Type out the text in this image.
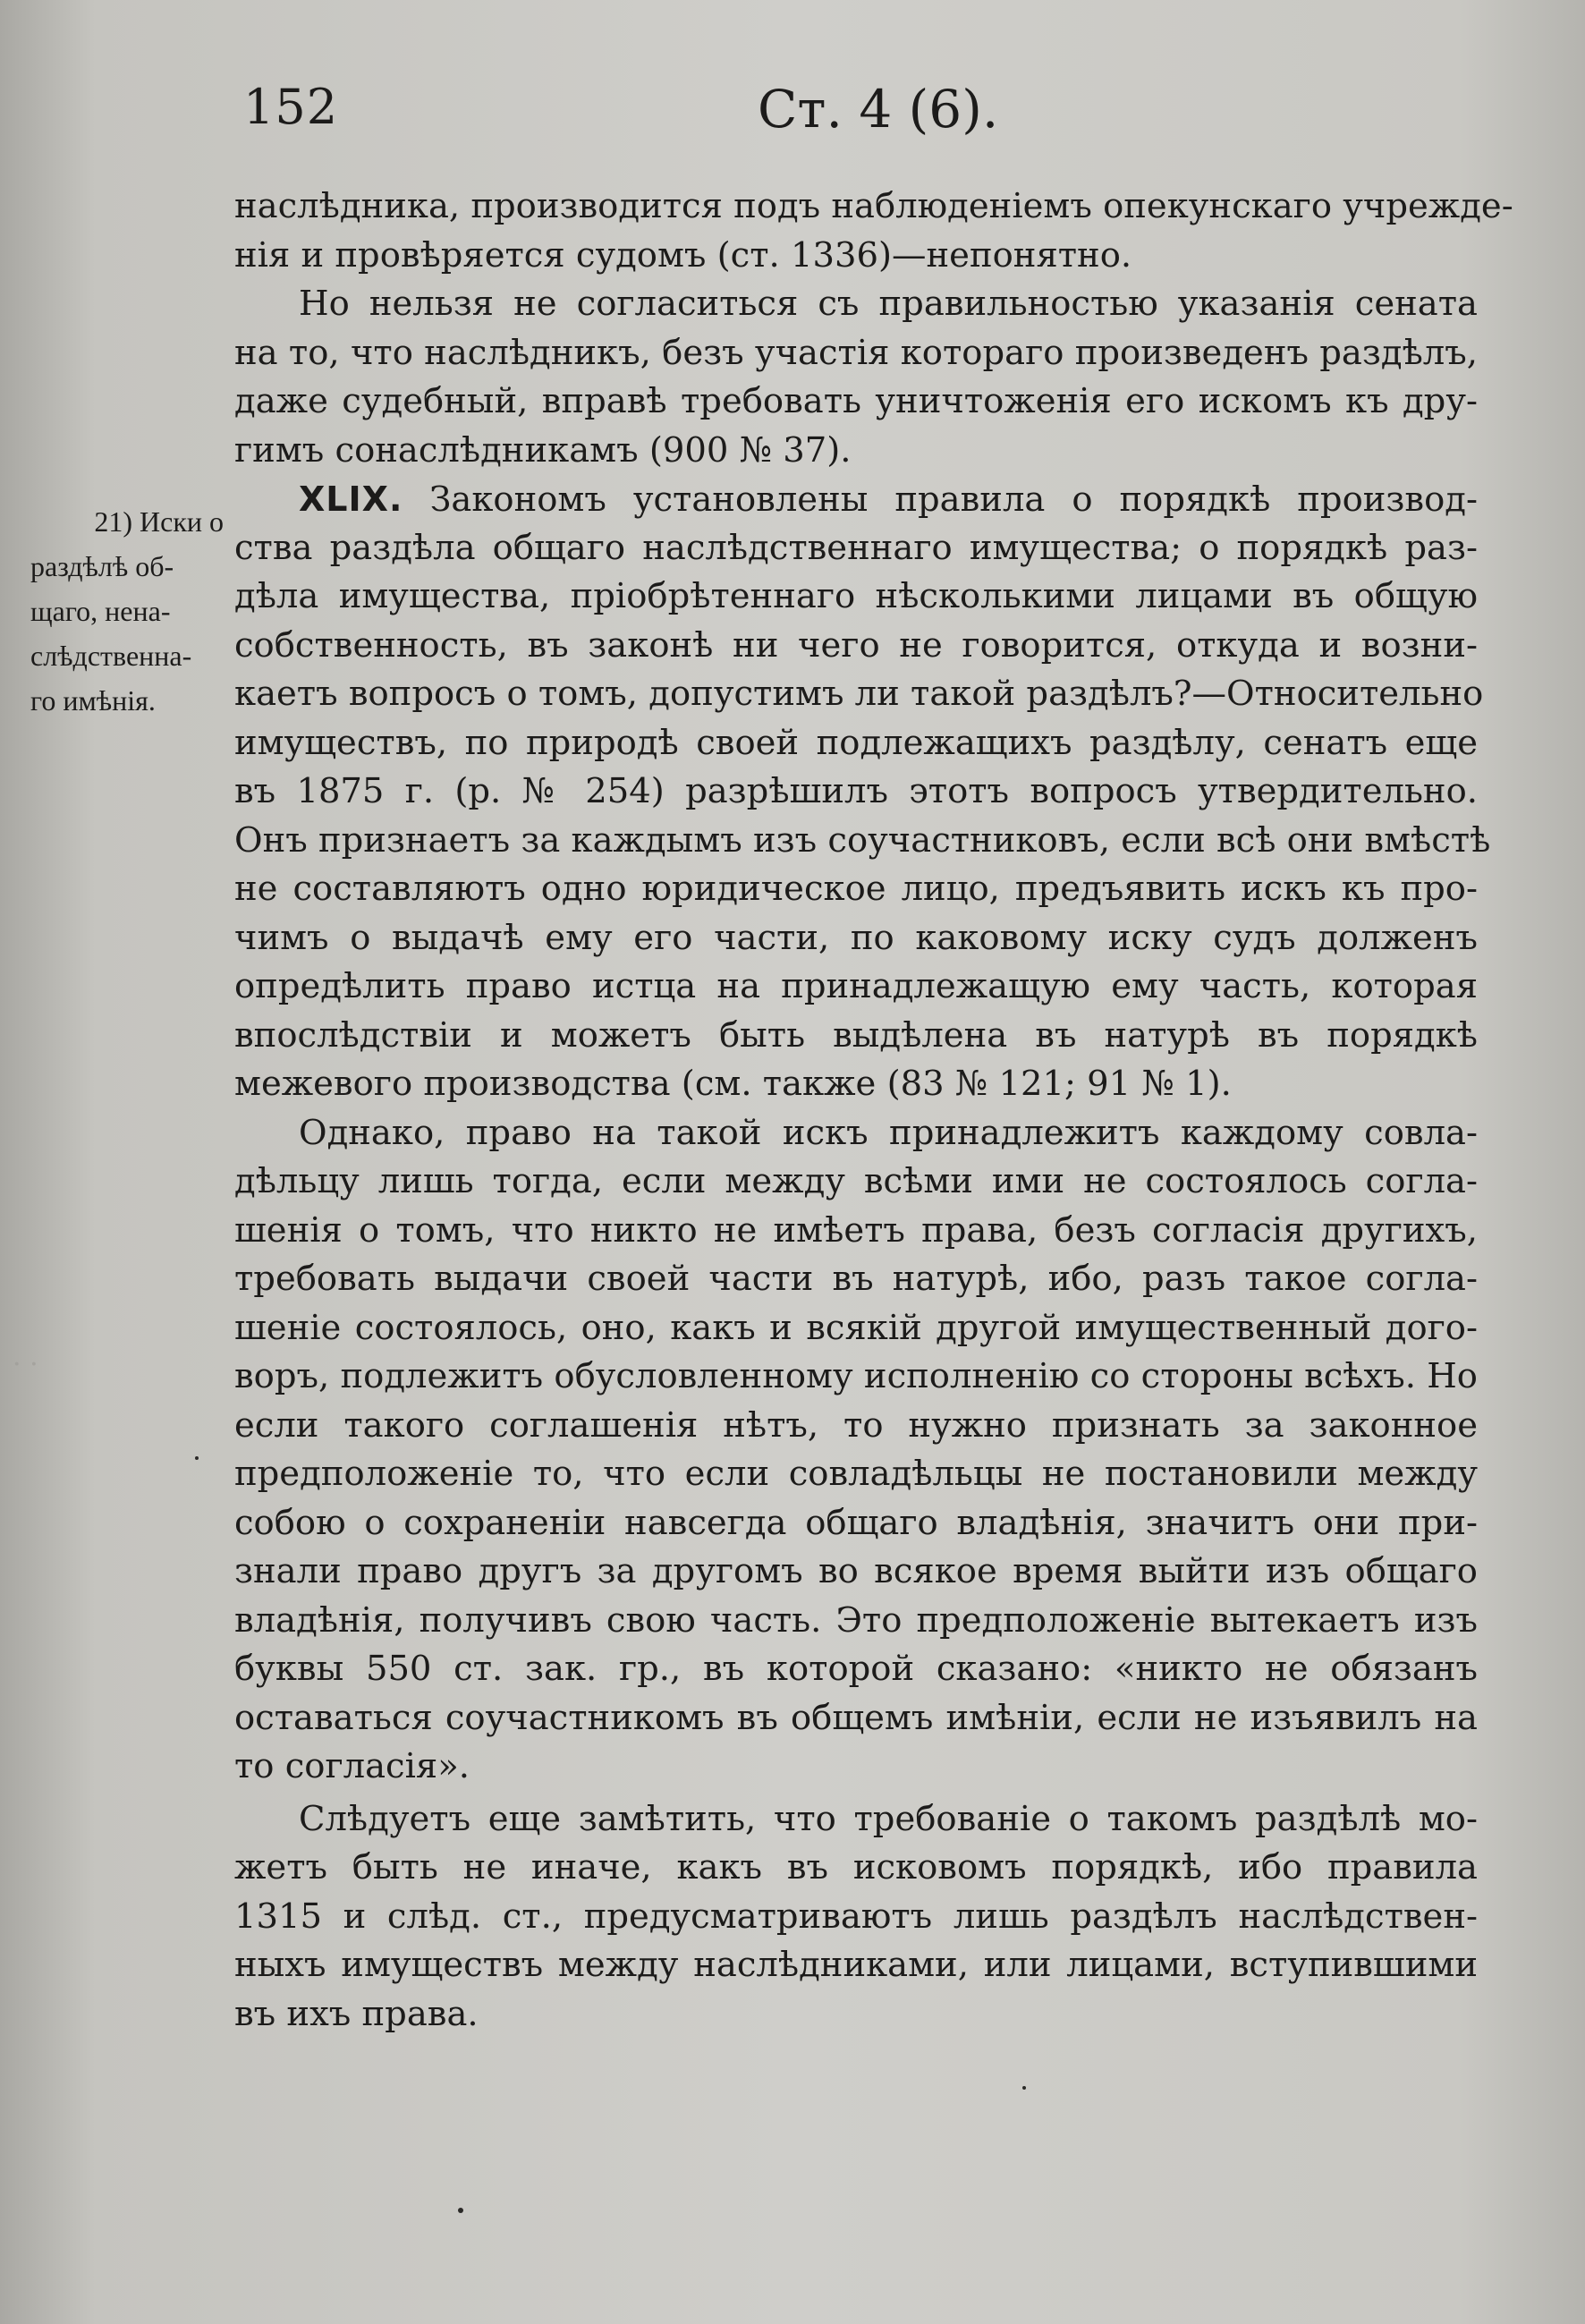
152	Ст. 4 (6).
21) Иски о
раздѣлѣ об-
щаго, нена-
слѣдственна-
го имѣнія.
наслѣдника, производится подъ наблюденіемъ опекунскаго учрежде-
нія и провѣряется судомъ (ст. 1336)—непонятно.
Но нельзя не согласиться съ правильностью указанія сената
на то, что наслѣдникъ, безъ участія котораго произведенъ раздѣлъ,
даже судебный, вправѣ требовать уничтоженія его искомъ къ дру-
гимъ сонаслѣдникамъ (900 № 37).
XLIX. Закономъ установлены правила о порядкѣ производ-
ства раздѣла общаго наслѣдственнаго имущества; о порядкѣ раз-
дѣла имущества, пріобрѣтеннаго нѣсколькими лицами въ общую
собственность, въ законѣ ни чего не говорится, откуда и возни-
каетъ вопросъ о томъ, допустимъ ли такой раздѣлъ?—Относительно
имуществъ, по природѣ своей подлежащихъ раздѣлу, сенатъ еще
въ 1875 г. (р. № 254) разрѣшилъ этотъ вопросъ утвердительно.
Онъ признаетъ за каждымъ изъ соучастниковъ, если всѣ они вмѣстѣ
не составляютъ одно юридическое лицо, предъявить искъ къ про-
чимъ о выдачѣ ему его части, по каковому иску судъ долженъ
опредѣлить право истца на принадлежащую ему часть, которая
впослѣдствіи и можетъ быть выдѣлена въ натурѣ въ порядкѣ
межевого производства (см. также (83 № 121; 91 № 1).
Однако, право на такой искъ принадлежитъ каждому совла-
дѣльцу лишь тогда, если между всѣми ими не состоялось согла-
шенія о томъ, что никто не имѣетъ права, безъ согласія другихъ,
требовать выдачи своей части въ натурѣ, ибо, разъ такое согла-
шеніе состоялось, оно, какъ и всякій другой имущественный дого-
воръ, подлежитъ обусловленному исполненію со стороны всѣхъ. Но
если такого соглашенія нѣтъ, то нужно признать за законное
предположеніе то, что если совладѣльцы не постановили между
собою о сохраненіи навсегда общаго владѣнія, значитъ они при-
знали право другъ за другомъ во всякое время выйти изъ общаго
владѣнія, получивъ свою часть. Это предположеніе вытекаетъ изъ
буквы 550 ст. зак. гр., въ которой сказано: «никто не обязанъ
оставаться соучастникомъ въ общемъ имѣніи, если не изъявилъ на
то согласія».
Слѣдуетъ еще замѣтить, что требованіе о такомъ раздѣлѣ мо-
жетъ быть не иначе, какъ въ исковомъ порядкѣ, ибо правила
1315 и слѣд. ст., предусматриваютъ лишь раздѣлъ наслѣдствен-
ныхъ имуществъ между наслѣдниками, или лицами, вступившими
въ ихъ права.
· ·
